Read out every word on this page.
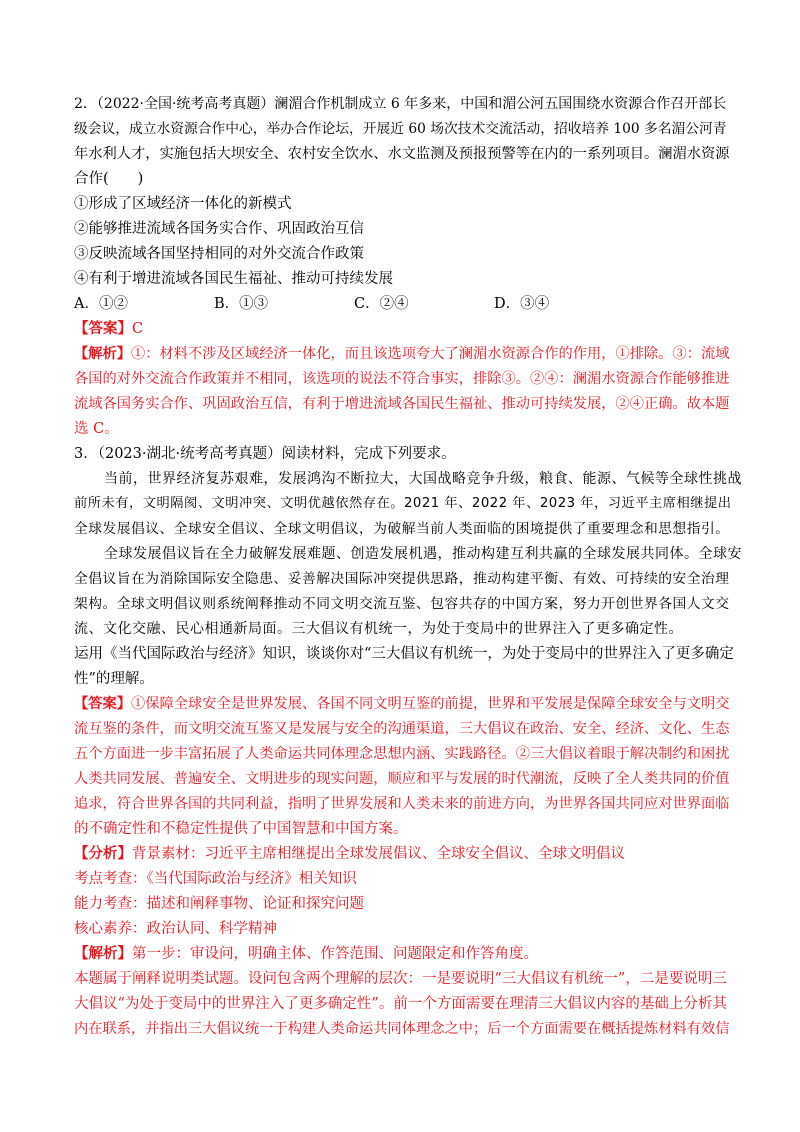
2．（2022·全国·统考高考真题）澜湄合作机制成立 6 年多来，中国和湄公河五国围绕水资源合作召开部长
级会议，成立水资源合作中心，举办合作论坛，开展近 60 场次技术交流活动，招收培养 100 多名湄公河青
年水利人才，实施包括大坝安全、农村安全饮水、水文监测及预报预警等在内的一系列项目。澜湄水资源
合作(　　)
①形成了区域经济一体化的新模式
②能够推进流域各国务实合作、巩固政治互信
③反映流域各国坚持相同的对外交流合作政策
④有利于增进流域各国民生福祉、推动可持续发展
A．①②	B．①③	C．②④	D．③④
【答案】C
【解析】①：材料不涉及区域经济一体化，而且该选项夸大了澜湄水资源合作的作用，①排除。③：流域
各国的对外交流合作政策并不相同，该选项的说法不符合事实，排除③。②④：澜湄水资源合作能够推进
流域各国务实合作、巩固政治互信，有利于增进流域各国民生福祉、推动可持续发展，②④正确。故本题
选 C。
3．（2023·湖北·统考高考真题）阅读材料，完成下列要求。
当前，世界经济复苏艰难，发展鸿沟不断拉大，大国战略竞争升级，粮食、能源、气候等全球性挑战
前所未有，文明隔阂、文明冲突、文明优越依然存在。2021 年、2022 年、2023 年，习近平主席相继提出
全球发展倡议、全球安全倡议、全球文明倡议，为破解当前人类面临的困境提供了重要理念和思想指引。
全球发展倡议旨在全力破解发展难题、创造发展机遇，推动构建互利共赢的全球发展共同体。全球安
全倡议旨在为消除国际安全隐患、妥善解决国际冲突提供思路，推动构建平衡、有效、可持续的安全治理
架构。全球文明倡议则系统阐释推动不同文明交流互鉴、包容共存的中国方案，努力开创世界各国人文交
流、文化交融、民心相通新局面。三大倡议有机统一，为处于变局中的世界注入了更多确定性。
运用《当代国际政治与经济》知识，谈谈你对“三大倡议有机统一，为处于变局中的世界注入了更多确定
性”的理解。
【答案】①保障全球安全是世界发展、各国不同文明互鉴的前提，世界和平发展是保障全球安全与文明交
流互鉴的条件，而文明交流互鉴又是发展与安全的沟通渠道，三大倡议在政治、安全、经济、文化、生态
五个方面进一步丰富拓展了人类命运共同体理念思想内涵、实践路径。②三大倡议着眼于解决制约和困扰
人类共同发展、普遍安全、文明进步的现实问题，顺应和平与发展的时代潮流，反映了全人类共同的价值
追求，符合世界各国的共同利益，指明了世界发展和人类未来的前进方向，为世界各国共同应对世界面临
的不确定性和不稳定性提供了中国智慧和中国方案。
【分析】背景素材：习近平主席相继提出全球发展倡议、全球安全倡议、全球文明倡议
考点考查：《当代国际政治与经济》相关知识
能力考查：描述和阐释事物、论证和探究问题
核心素养：政治认同、科学精神
【解析】第一步：审设问，明确主体、作答范围、问题限定和作答角度。
本题属于阐释说明类试题。设问包含两个理解的层次：一是要说明“三大倡议有机统一”，二是要说明三
大倡议“为处于变局中的世界注入了更多确定性”。前一个方面需要在理清三大倡议内容的基础上分析其
内在联系，并指出三大倡议统一于构建人类命运共同体理念之中；后一个方面需要在概括提炼材料有效信
